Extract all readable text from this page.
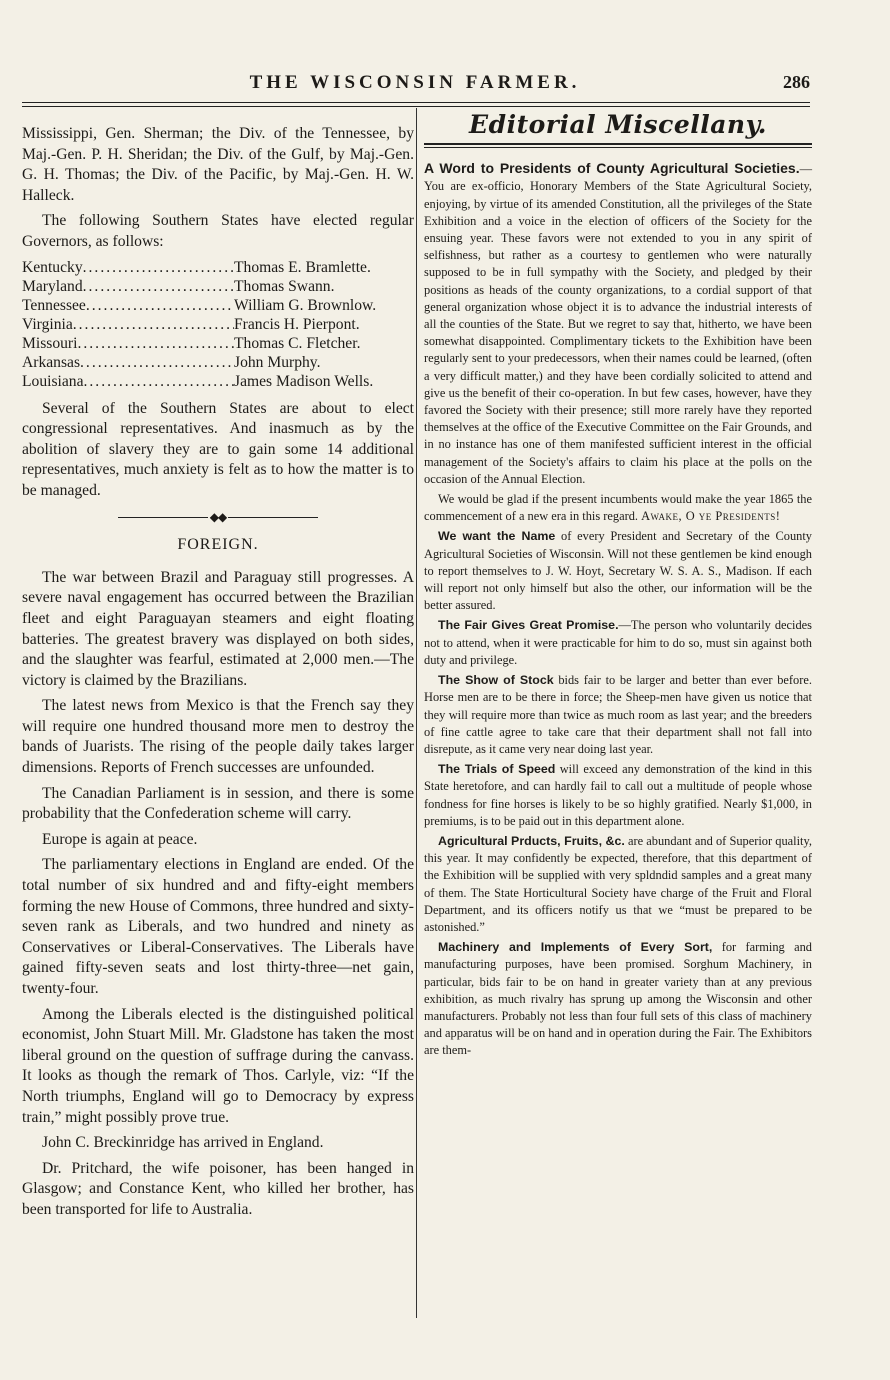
THE WISCONSIN FARMER.	286

Mississippi, Gen. Sherman; the Div. of the Tennessee, by Maj.-Gen. P. H. Sheridan; the Div. of the Gulf, by Maj.-Gen. G. H. Thomas; the Div. of the Pacific, by Maj.-Gen. H. W. Halleck.

The following Southern States have elected regular Governors, as follows:

Kentucky .....	Thomas E. Bramlette.
Maryland .....	Thomas Swann.
Tennessee .....	William G. Brownlow.
Virginia .....	Francis H. Pierpont.
Missouri .....	Thomas C. Fletcher.
Arkansas .....	John Murphy.
Louisiana .....	James Madison Wells.

Several of the Southern States are about to elect congressional representatives. And inasmuch as by the abolition of slavery they are to gain some 14 additional representatives, much anxiety is felt as to how the matter is to be managed.

◆◆
FOREIGN.

The war between Brazil and Paraguay still progresses. A severe naval engagement has occurred between the Brazilian fleet and eight Paraguayan steamers and eight floating batteries. The greatest bravery was displayed on both sides, and the slaughter was fearful, estimated at 2,000 men.—The victory is claimed by the Brazilians.

The latest news from Mexico is that the French say they will require one hundred thousand more men to destroy the bands of Juarists. The rising of the people daily takes larger dimensions. Reports of French successes are unfounded.

The Canadian Parliament is in session, and there is some probability that the Confederation scheme will carry.

Europe is again at peace.

The parliamentary elections in England are ended. Of the total number of six hundred and and fifty-eight members forming the new House of Commons, three hundred and sixty-seven rank as Liberals, and two hundred and ninety as Conservatives or Liberal-Conservatives. The Liberals have gained fifty-seven seats and lost thirty-three—net gain, twenty-four.

Among the Liberals elected is the distinguished political economist, John Stuart Mill. Mr. Gladstone has taken the most liberal ground on the question of suffrage during the canvass. It looks as though the remark of Thos. Carlyle, viz: “If the North triumphs, England will go to Democracy by express train,” might possibly prove true.

John C. Breckinridge has arrived in England.

Dr. Pritchard, the wife poisoner, has been hanged in Glasgow; and Constance Kent, who killed her brother, has been transported for life to Australia.

Editorial Miscellany.

A Word to Presidents of County Agricultural Societies.—You are ex-officio, Honorary Members of the State Agricultural Society, enjoying, by virtue of its amended Constitution, all the privileges of the State Exhibition and a voice in the election of officers of the Society for the ensuing year. These favors were not extended to you in any spirit of selfishness, but rather as a courtesy to gentlemen who were naturally supposed to be in full sympathy with the Society, and pledged by their positions as heads of the county organizations, to a cordial support of that general organization whose object it is to advance the industrial interests of all the counties of the State. But we regret to say that, hitherto, we have been somewhat disappointed. Complimentary tickets to the Exhibition have been regularly sent to your predecessors, when their names could be learned, (often a very difficult matter,) and they have been cordially solicited to attend and give us the benefit of their co-operation. In but few cases, however, have they favored the Society with their presence; still more rarely have they reported themselves at the office of the Executive Committee on the Fair Grounds, and in no instance has one of them manifested sufficient interest in the official management of the Society's affairs to claim his place at the polls on the occasion of the Annual Election.

We would be glad if the present incumbents would make the year 1865 the commencement of a new era in this regard. Awake, O ye Presidents!

We want the Name of every President and Secretary of the County Agricultural Societies of Wisconsin. Will not these gentlemen be kind enough to report themselves to J. W. Hoyt, Secretary W. S. A. S., Madison. If each will report not only himself but also the other, our information will be the better assured.

The Fair Gives Great Promise.—The person who voluntarily decides not to attend, when it were practicable for him to do so, must sin against both duty and privilege.

The Show of Stock bids fair to be larger and better than ever before. Horse men are to be there in force; the Sheep-men have given us notice that they will require more than twice as much room as last year; and the breeders of fine cattle agree to take care that their department shall not fall into disrepute, as it came very near doing last year.

The Trials of Speed will exceed any demonstration of the kind in this State heretofore, and can hardly fail to call out a multitude of people whose fondness for fine horses is likely to be so highly gratified. Nearly $1,000, in premiums, is to be paid out in this department alone.

Agricultural Prducts, Fruits, &c. are abundant and of Superior quality, this year. It may confidently be expected, therefore, that this department of the Exhibition will be supplied with very spldndid samples and a great many of them. The State Horticultural Society have charge of the Fruit and Floral Department, and its officers notify us that we “must be prepared to be astonished.”

Machinery and Implements of Every Sort, for farming and manufacturing purposes, have been promised. Sorghum Machinery, in particular, bids fair to be on hand in greater variety than at any previous exhibition, as much rivalry has sprung up among the Wisconsin and other manufacturers. Probably not less than four full sets of this class of machinery and apparatus will be on hand and in operation during the Fair. The Exhibitors are them-
